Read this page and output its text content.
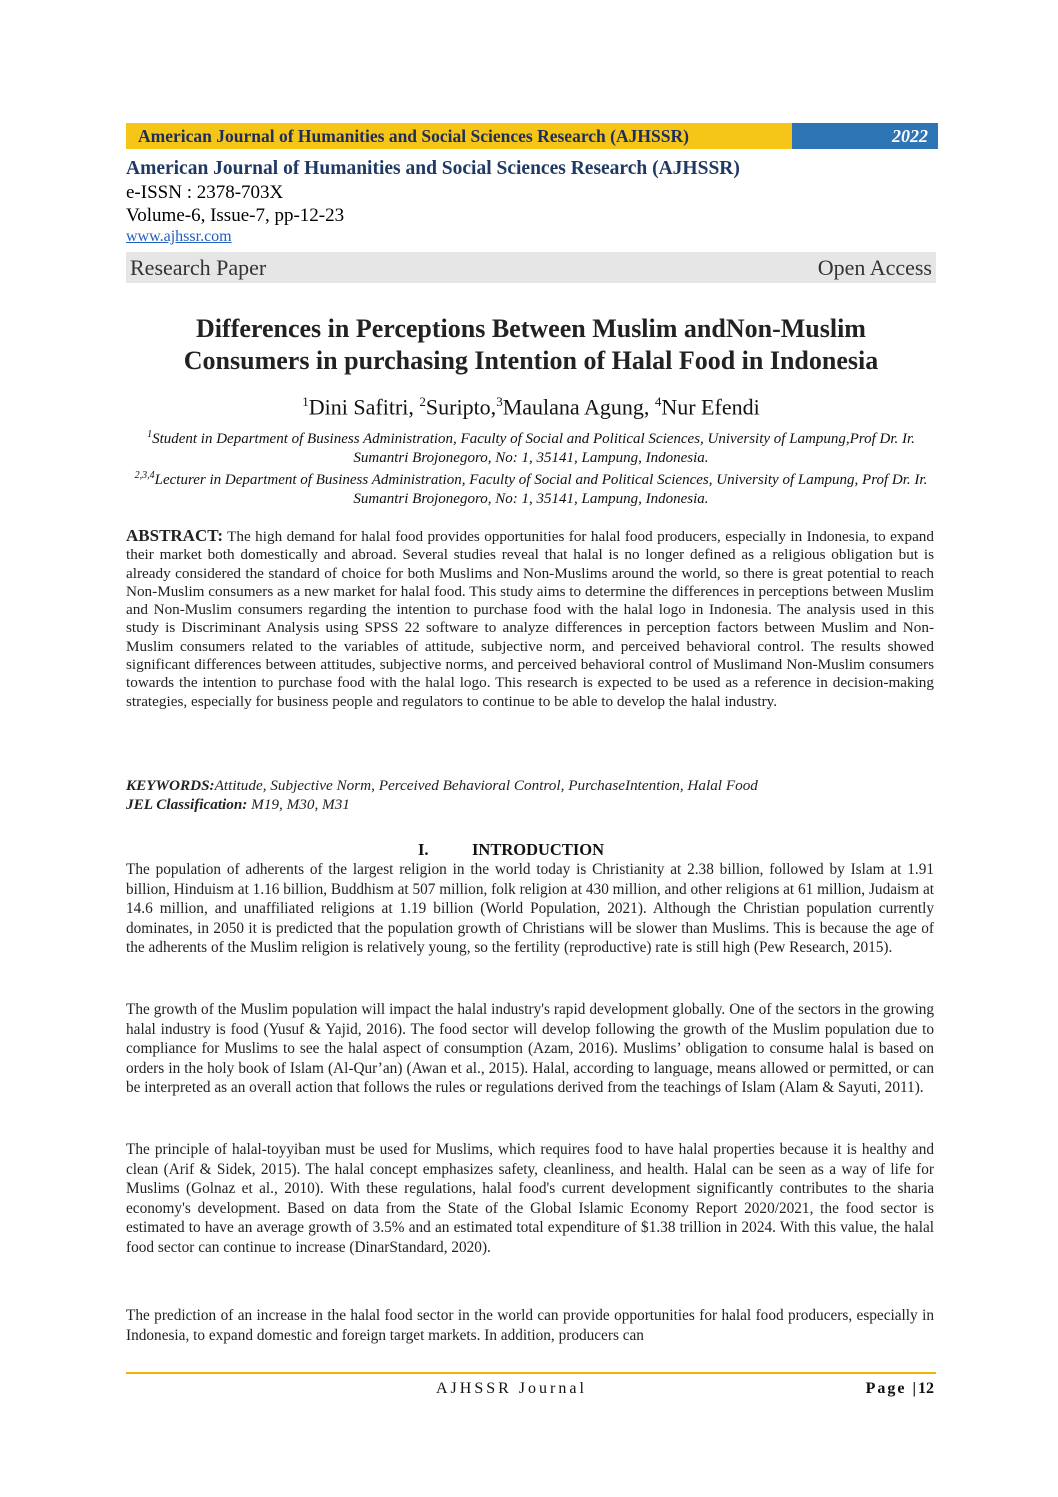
American Journal of Humanities and Social Sciences Research (AJHSSR)	2022
American Journal of Humanities and Social Sciences Research (AJHSSR)
e-ISSN : 2378-703X
Volume-6, Issue-7, pp-12-23
www.ajhssr.com
Research Paper	Open Access
Differences in Perceptions Between Muslim andNon-Muslim
Consumers in purchasing Intention of Halal Food in Indonesia
$^1$Dini Safitri, $^2$Suripto,$^3$Maulana Agung, $^4$Nur Efendi
$^1$Student in Department of Business Administration, Faculty of Social and Political Sciences, University of Lampung,Prof Dr. Ir. Sumantri Brojonegoro, No: 1, 35141, Lampung, Indonesia.
$^{2,3,4}$Lecturer in Department of Business Administration, Faculty of Social and Political Sciences, University of Lampung, Prof Dr. Ir. Sumantri Brojonegoro, No: 1, 35141, Lampung, Indonesia.
ABSTRACT: The high demand for halal food provides opportunities for halal food producers, especially in Indonesia, to expand their market both domestically and abroad. Several studies reveal that halal is no longer defined as a religious obligation but is already considered the standard of choice for both Muslims and Non-Muslims around the world, so there is great potential to reach Non-Muslim consumers as a new market for halal food. This study aims to determine the differences in perceptions between Muslim and Non-Muslim consumers regarding the intention to purchase food with the halal logo in Indonesia. The analysis used in this study is Discriminant Analysis using SPSS 22 software to analyze differences in perception factors between Muslim and Non-Muslim consumers related to the variables of attitude, subjective norm, and perceived behavioral control. The results showed significant differences between attitudes, subjective norms, and perceived behavioral control of Muslimand Non-Muslim consumers towards the intention to purchase food with the halal logo. This research is expected to be used as a reference in decision-making strategies, especially for business people and regulators to continue to be able to develop the halal industry.
KEYWORDS:Attitude, Subjective Norm, Perceived Behavioral Control, PurchaseIntention, Halal Food
JEL Classification: M19, M30, M31
I.	INTRODUCTION
The population of adherents of the largest religion in the world today is Christianity at 2.38 billion, followed by Islam at 1.91 billion, Hinduism at 1.16 billion, Buddhism at 507 million, folk religion at 430 million, and other religions at 61 million, Judaism at 14.6 million, and unaffiliated religions at 1.19 billion (World Population, 2021). Although the Christian population currently dominates, in 2050 it is predicted that the population growth of Christians will be slower than Muslims. This is because the age of the adherents of the Muslim religion is relatively young, so the fertility (reproductive) rate is still high (Pew Research, 2015).
The growth of the Muslim population will impact the halal industry's rapid development globally. One of the sectors in the growing halal industry is food (Yusuf & Yajid, 2016). The food sector will develop following the growth of the Muslim population due to compliance for Muslims to see the halal aspect of consumption (Azam, 2016). Muslims’ obligation to consume halal is based on orders in the holy book of Islam (Al-Qur’an) (Awan et al., 2015). Halal, according to language, means allowed or permitted, or can be interpreted as an overall action that follows the rules or regulations derived from the teachings of Islam (Alam & Sayuti, 2011).
The principle of halal-toyyiban must be used for Muslims, which requires food to have halal properties because it is healthy and clean (Arif & Sidek, 2015). The halal concept emphasizes safety, cleanliness, and health. Halal can be seen as a way of life for Muslims (Golnaz et al., 2010). With these regulations, halal food's current development significantly contributes to the sharia economy's development. Based on data from the State of the Global Islamic Economy Report 2020/2021, the food sector is estimated to have an average growth of 3.5% and an estimated total expenditure of $1.38 trillion in 2024. With this value, the halal food sector can continue to increase (DinarStandard, 2020).
The prediction of an increase in the halal food sector in the world can provide opportunities for halal food producers, especially in Indonesia, to expand domestic and foreign target markets. In addition, producers can
AJHSSR Journal	Page |12
